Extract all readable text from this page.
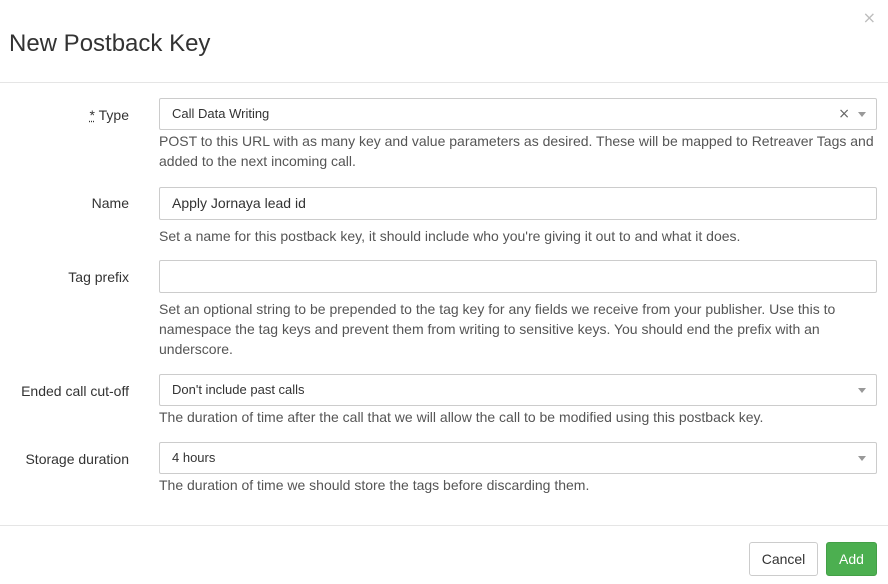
New Postback Key
×
* Type	Call Data Writing	×

POST to this URL with as many key and value parameters as desired. These will be mapped to Retreaver Tags and added to the next incoming call.

Name	Apply Jornaya lead id

Set a name for this postback key, it should include who you're giving it out to and what it does.

Tag prefix

Set an optional string to be prepended to the tag key for any fields we receive from your publisher. Use this to namespace the tag keys and prevent them from writing to sensitive keys. You should end the prefix with an underscore.

Ended call cut-off	Don't include past calls

The duration of time after the call that we will allow the call to be modified using this postback key.

Storage duration	4 hours

The duration of time we should store the tags before discarding them.

Cancel	Add
